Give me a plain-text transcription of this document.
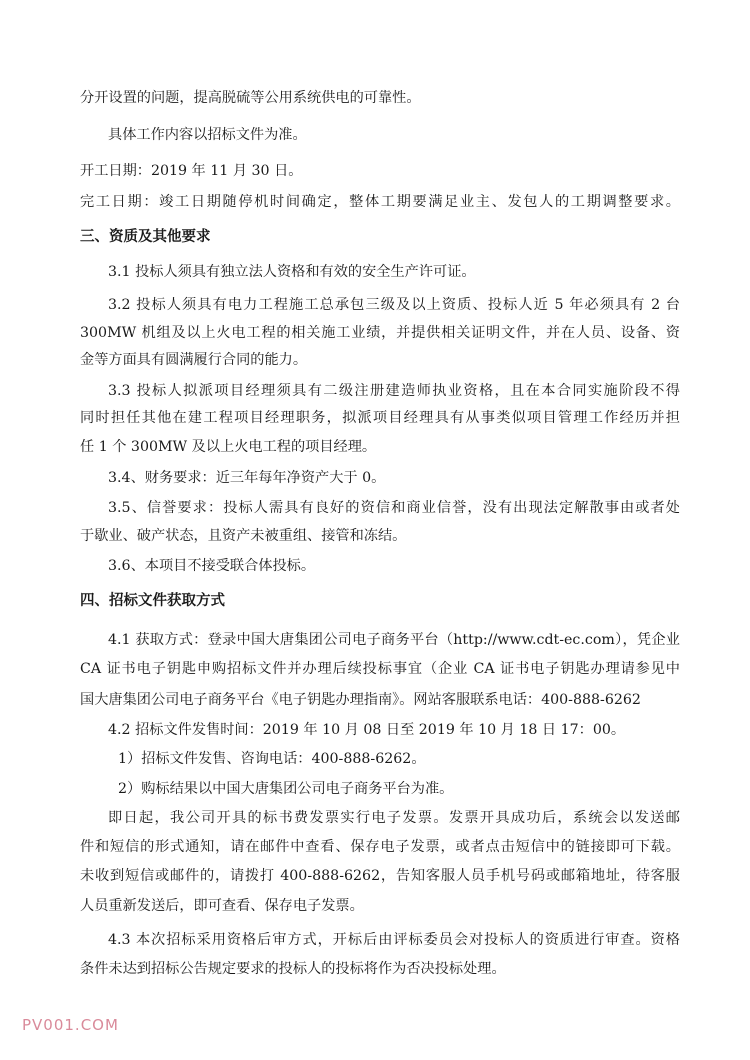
分开设置的问题，提高脱硫等公用系统供电的可靠性。
具体工作内容以招标文件为准。
开工日期：2019 年 11 月 30 日。
完工日期：竣工日期随停机时间确定，整体工期要满足业主、发包人的工期调整要求。
三、资质及其他要求
3.1 投标人须具有独立法人资格和有效的安全生产许可证。
3.2 投标人须具有电力工程施工总承包三级及以上资质、投标人近 5 年必须具有 2 台
300MW 机组及以上火电工程的相关施工业绩，并提供相关证明文件，并在人员、设备、资
金等方面具有圆满履行合同的能力。
3.3 投标人拟派项目经理须具有二级注册建造师执业资格，且在本合同实施阶段不得
同时担任其他在建工程项目经理职务，拟派项目经理具有从事类似项目管理工作经历并担
任 1 个 300MW 及以上火电工程的项目经理。
3.4、财务要求：近三年每年净资产大于 0。
3.5、信誉要求：投标人需具有良好的资信和商业信誉，没有出现法定解散事由或者处
于歇业、破产状态，且资产未被重组、接管和冻结。
3.6、本项目不接受联合体投标。
四、招标文件获取方式
4.1 获取方式：登录中国大唐集团公司电子商务平台（http://www.cdt-ec.com），凭企业
CA 证书电子钥匙申购招标文件并办理后续投标事宜（企业 CA 证书电子钥匙办理请参见中
国大唐集团公司电子商务平台《电子钥匙办理指南》。网站客服联系电话：400-888-6262
4.2 招标文件发售时间：2019 年 10 月 08 日至 2019 年 10 月 18 日 17：00。
1）招标文件发售、咨询电话：400-888-6262。
2）购标结果以中国大唐集团公司电子商务平台为准。
即日起，我公司开具的标书费发票实行电子发票。发票开具成功后，系统会以发送邮
件和短信的形式通知，请在邮件中查看、保存电子发票，或者点击短信中的链接即可下载。
未收到短信或邮件的，请拨打 400-888-6262，告知客服人员手机号码或邮箱地址，待客服
人员重新发送后，即可查看、保存电子发票。
4.3 本次招标采用资格后审方式，开标后由评标委员会对投标人的资质进行审查。资格
条件未达到招标公告规定要求的投标人的投标将作为否决投标处理。
PV001.COM
